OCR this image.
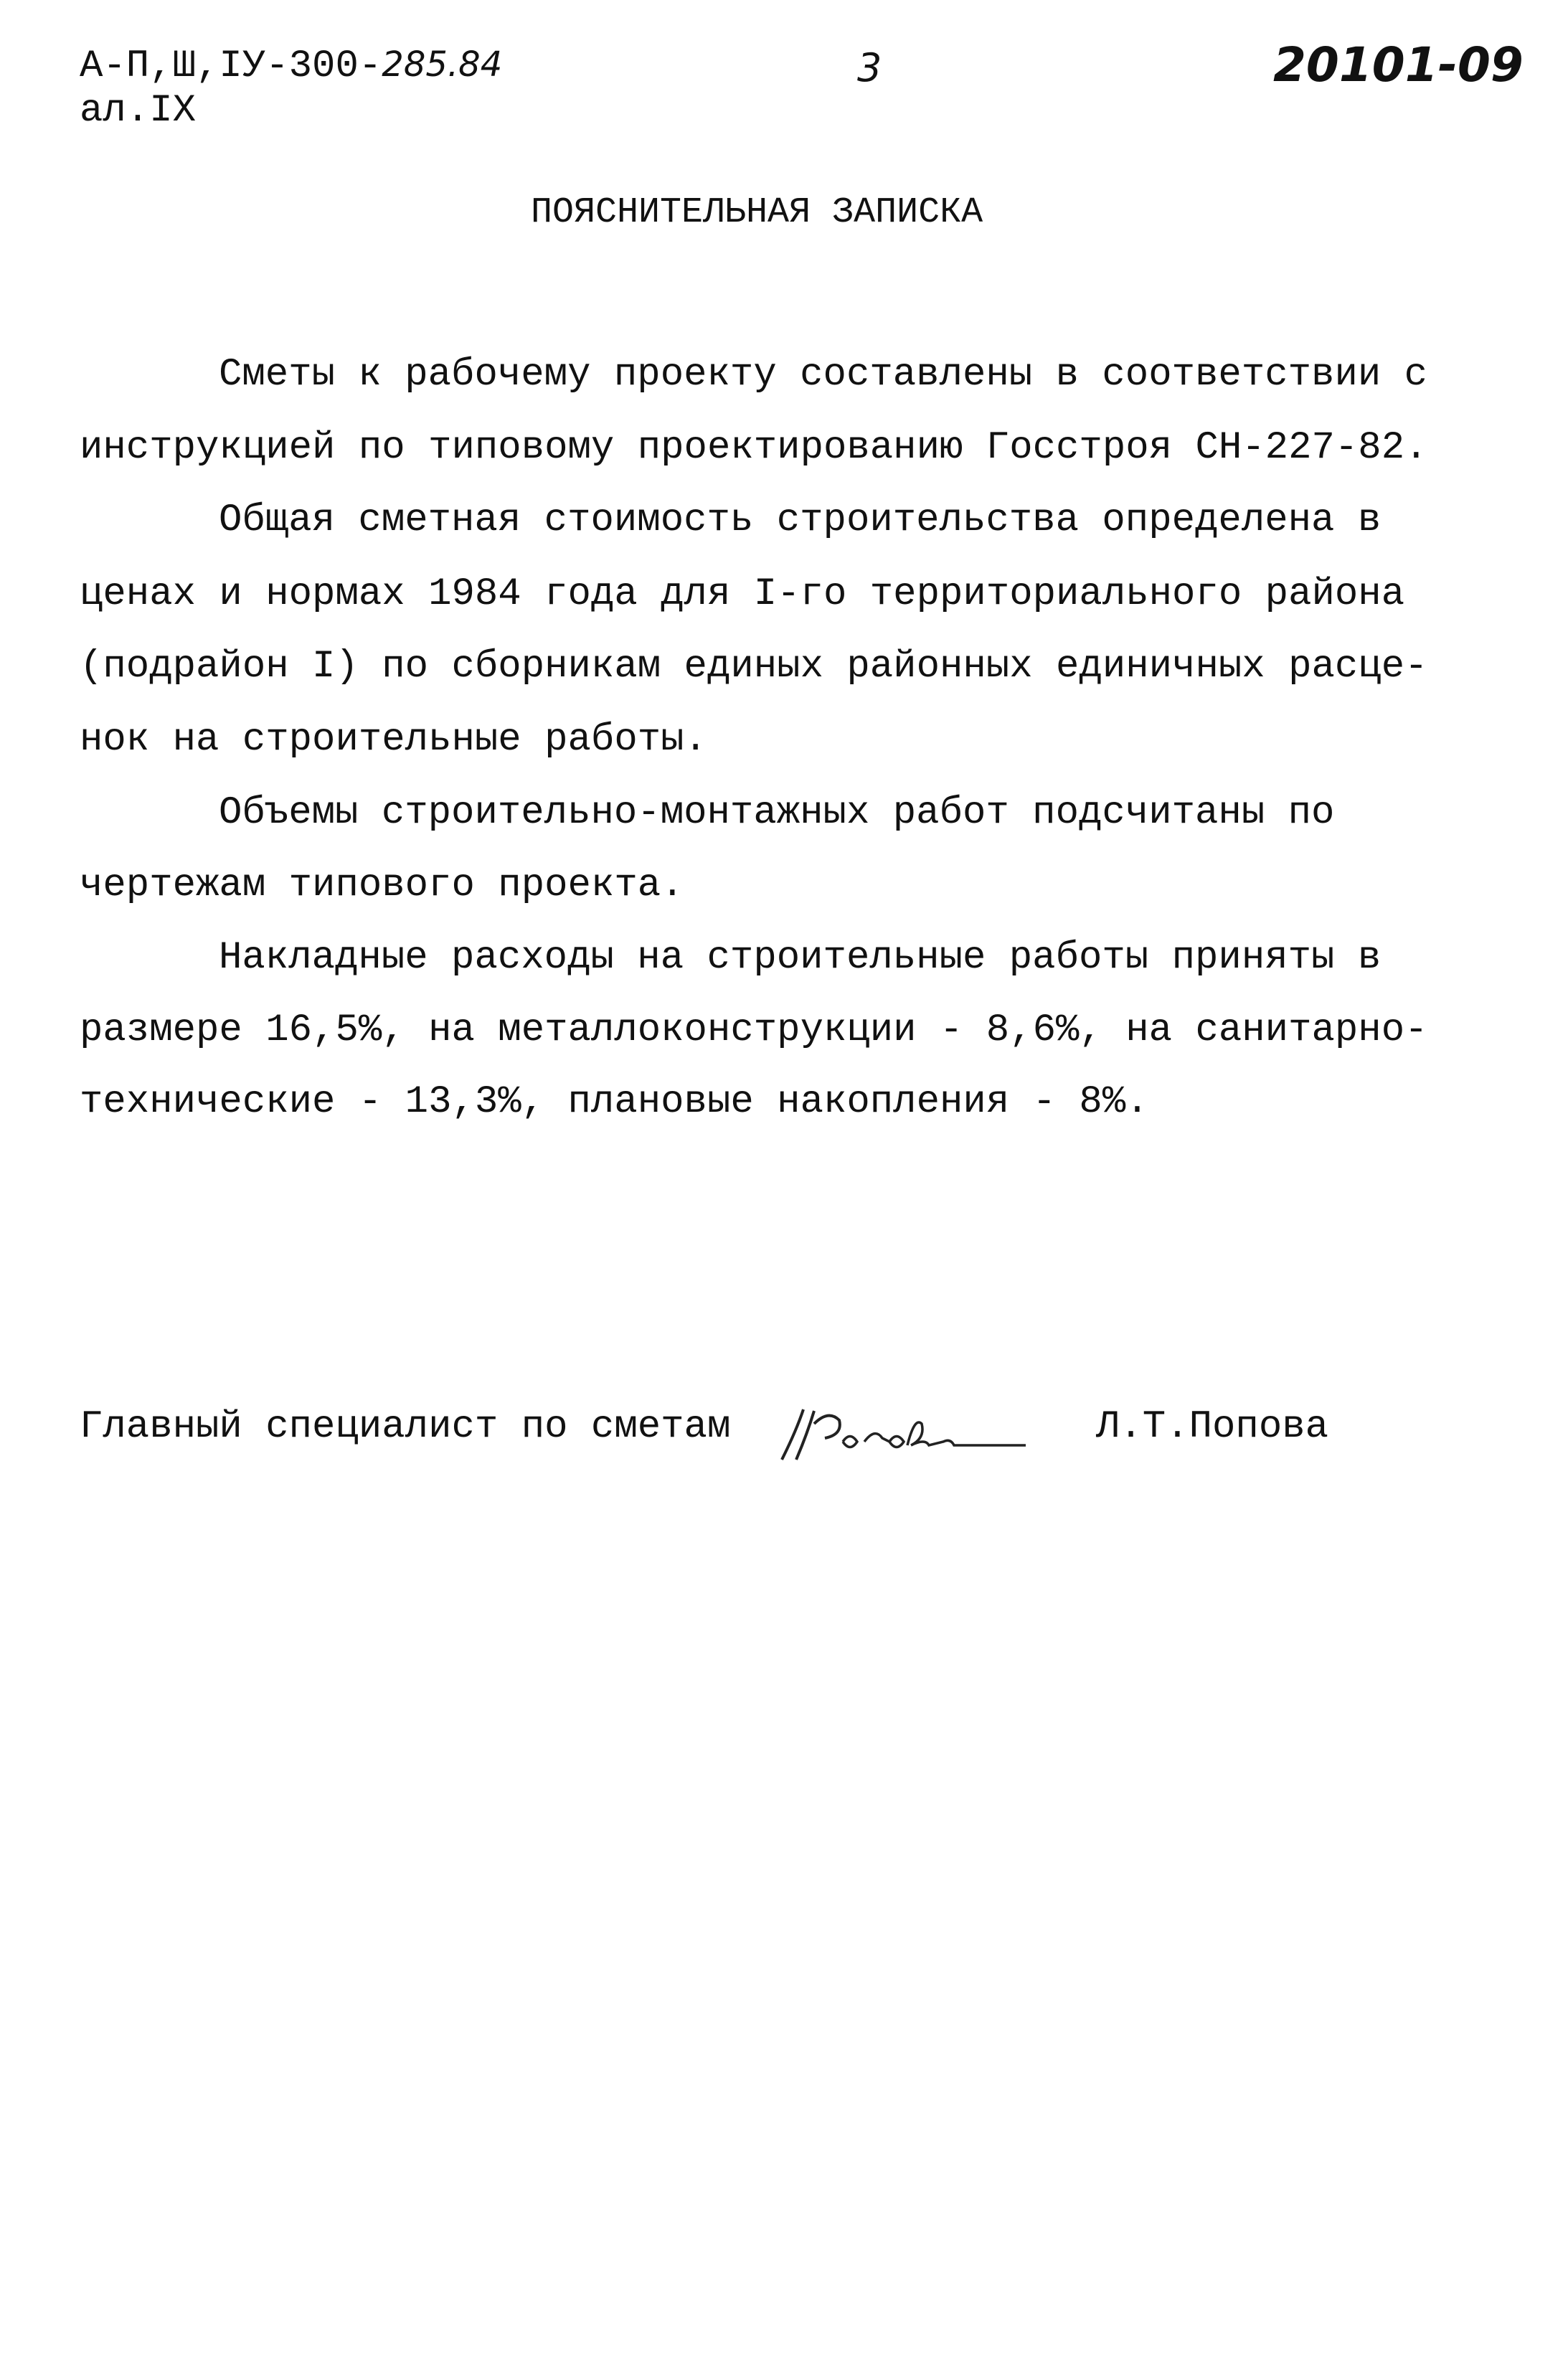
А-П,Ш,IУ-300-285.84
ал.IX
3	20101-09
ПОЯСНИТЕЛЬНАЯ ЗАПИСКА
Сметы к рабочему проекту составлены в соответствии с
инструкцией по типовому проектированию Госстроя СН-227-82.
Общая сметная стоимость строительства определена в
ценах и нормах 1984 года для I-го территориального района
(подрайон I) по сборникам единых районных единичных расце-
нок на строительные работы.
Объемы строительно-монтажных работ подсчитаны по
чертежам типового проекта.
Накладные расходы на строительные работы приняты в
размере 16,5%, на металлоконструкции - 8,6%, на санитарно-
технические - 13,3%, плановые накопления - 8%.
Главный специалист по сметам	Л.Т.Попова
